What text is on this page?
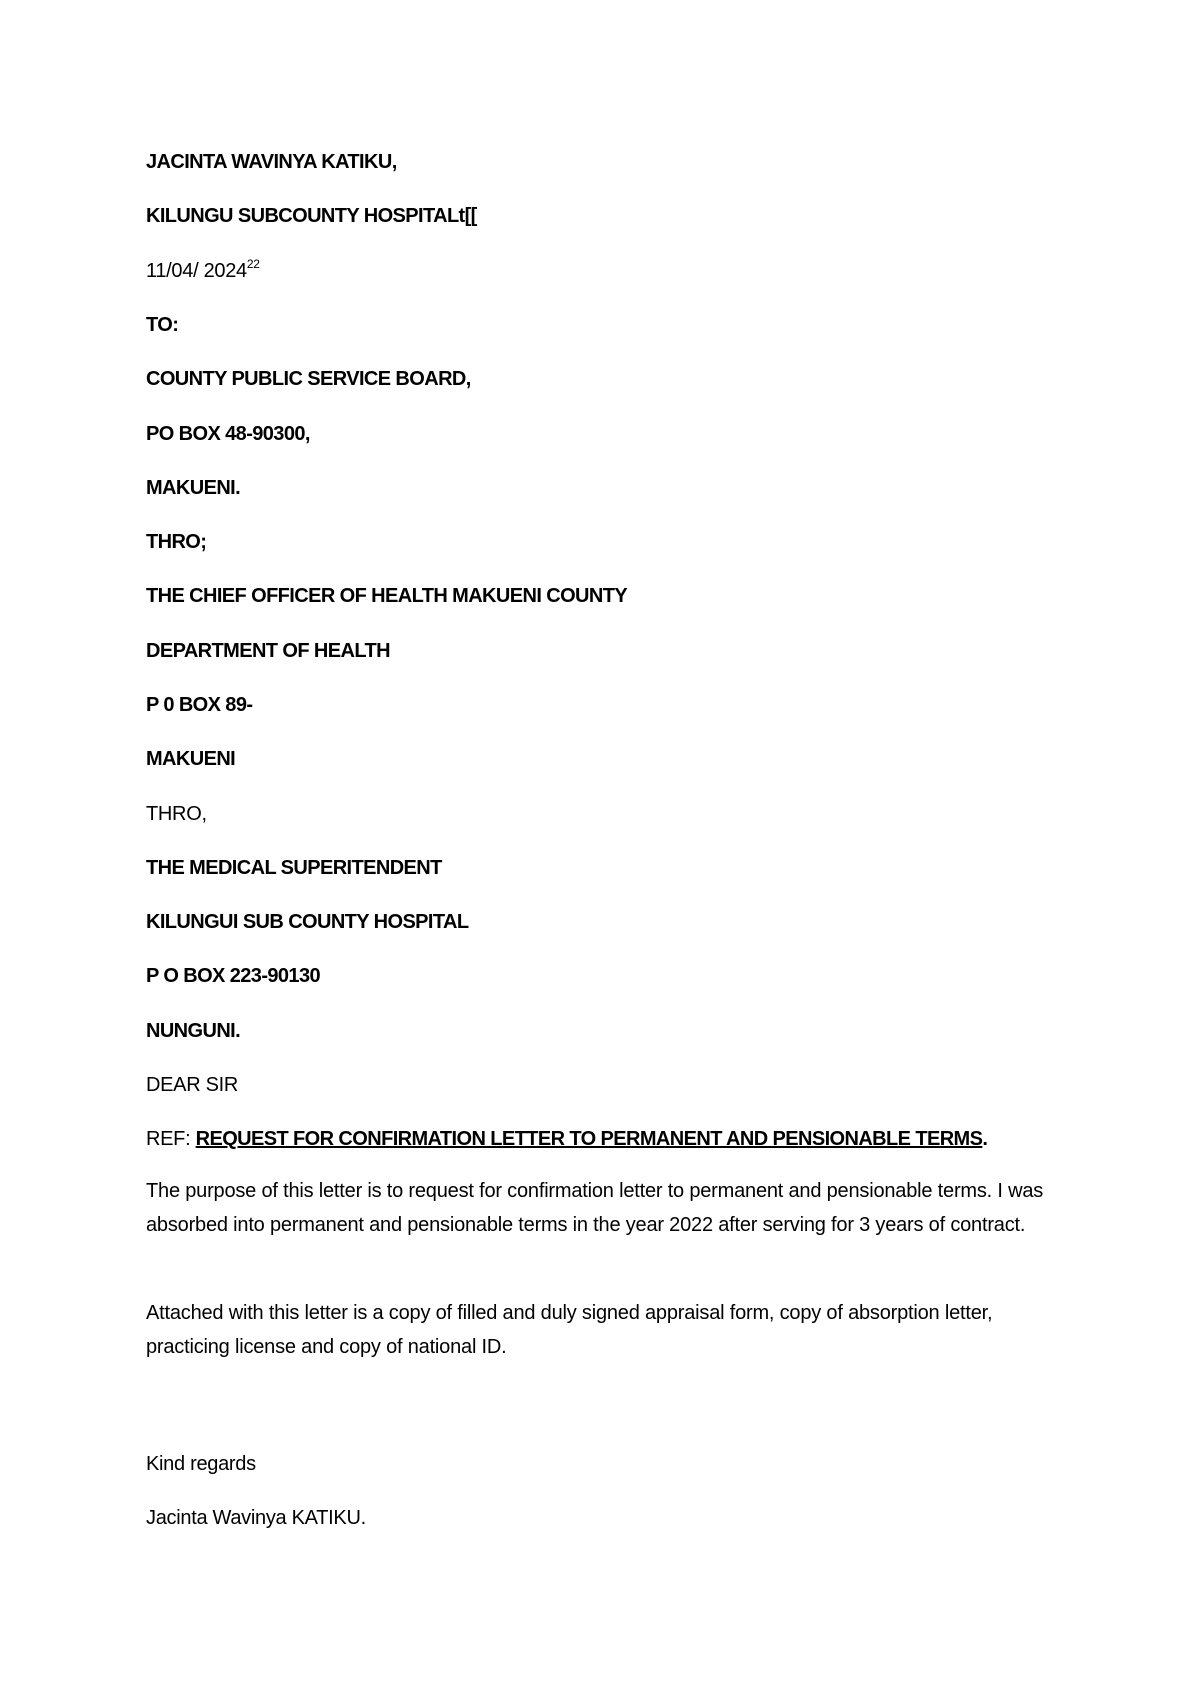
JACINTA WAVINYA KATIKU,
KILUNGU SUBCOUNTY HOSPITALt[[
11/04/ 2024$^{22}$
TO:
COUNTY PUBLIC SERVICE BOARD,
PO BOX 48-90300,
MAKUENI.
THRO;
THE CHIEF OFFICER OF HEALTH MAKUENI COUNTY
DEPARTMENT OF HEALTH
P 0 BOX 89-
MAKUENI
THRO,
THE MEDICAL SUPERITENDENT
KILUNGUI SUB COUNTY HOSPITAL
P O BOX 223-90130
NUNGUNI.
DEAR SIR
REF: REQUEST FOR CONFIRMATION LETTER TO PERMANENT AND PENSIONABLE TERMS.
The purpose of this letter is to request for confirmation letter to permanent and pensionable terms. I was absorbed into permanent and pensionable terms in the year 2022 after serving for 3 years of contract.
Attached with this letter is a copy of filled and duly signed appraisal form, copy of absorption letter, practicing license and copy of national ID.
Kind regards
Jacinta Wavinya KATIKU.
